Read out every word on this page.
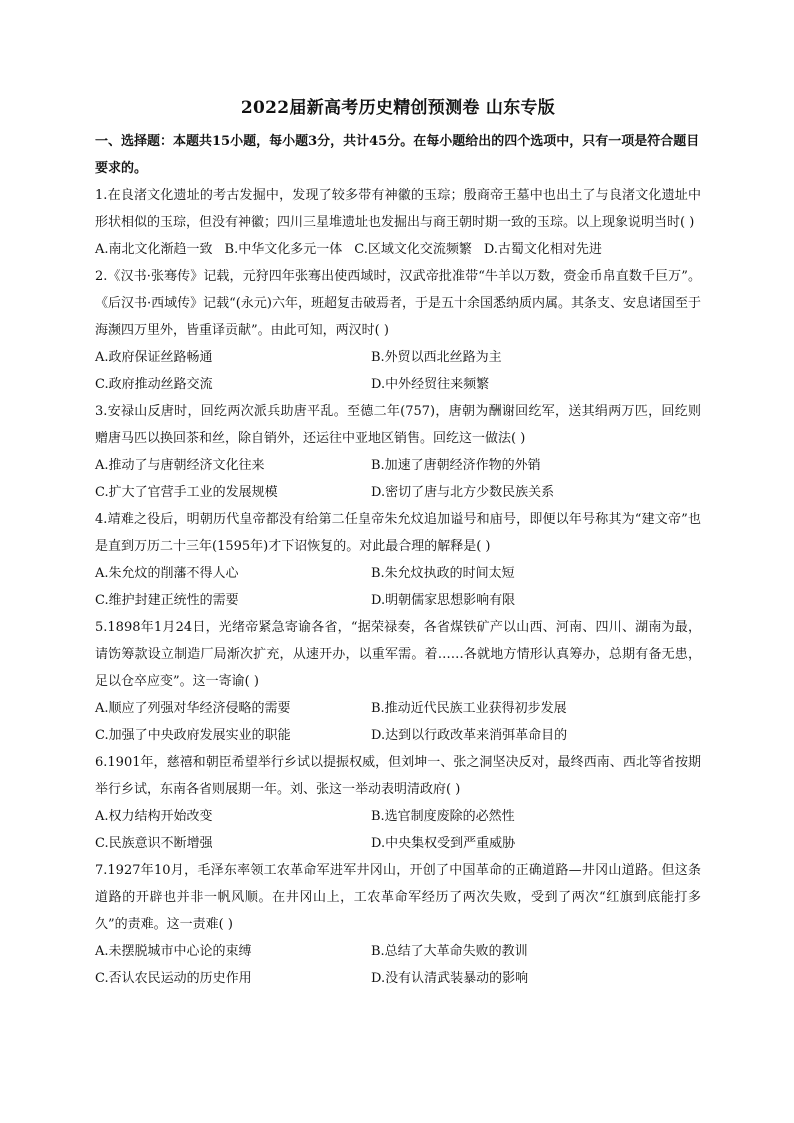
2022届新高考历史精创预测卷 山东专版
一、选择题：本题共15小题，每小题3分，共计45分。在每小题给出的四个选项中，只有一项是符合题目要求的。
1.在良渚文化遗址的考古发掘中，发现了较多带有神徽的玉琮；殷商帝王墓中也出土了与良渚文化遗址中形状相似的玉琮，但没有神徽；四川三星堆遗址也发掘出与商王朝时期一致的玉琮。以上现象说明当时( )
A.南北文化渐趋一致 B.中华文化多元一体 C.区域文化交流频繁 D.古蜀文化相对先进
2.《汉书·张骞传》记载，元狩四年张骞出使西域时，汉武帝批准带“牛羊以万数，赍金币帛直数千巨万”。《后汉书·西域传》记载“(永元)六年，班超复击破焉者，于是五十余国悉纳质内属。其条支、安息诸国至于海濒四万里外，皆重译贡献”。由此可知，两汉时( )
A.政府保证丝路畅通	B.外贸以西北丝路为主
C.政府推动丝路交流	D.中外经贸往来频繁
3.安禄山反唐时，回纥两次派兵助唐平乱。至德二年(757)，唐朝为酬谢回纥军，送其绢两万匹，回纥则赠唐马匹以换回茶和丝，除自销外，还运往中亚地区销售。回纥这一做法( )
A.推动了与唐朝经济文化往来	B.加速了唐朝经济作物的外销
C.扩大了官营手工业的发展规模	D.密切了唐与北方少数民族关系
4.靖难之役后，明朝历代皇帝都没有给第二任皇帝朱允炆追加谥号和庙号，即便以年号称其为“建文帝”也是直到万历二十三年(1595年)才下诏恢复的。对此最合理的解释是( )
A.朱允炆的削藩不得人心	B.朱允炆执政的时间太短
C.维护封建正统性的需要	D.明朝儒家思想影响有限
5.1898年1月24日，光绪帝紧急寄谕各省，“据荣禄奏，各省煤铁矿产以山西、河南、四川、湖南为最，请饬筹款设立制造厂局渐次扩充，从速开办，以重军需。着……各就地方情形认真筹办，总期有备无患，足以仓卒应变”。这一寄谕( )
A.顺应了列强对华经济侵略的需要	B.推动近代民族工业获得初步发展
C.加强了中央政府发展实业的职能	D.达到以行政改革来消弭革命目的
6.1901年，慈禧和朝臣希望举行乡试以提振权威，但刘坤一、张之洞坚决反对，最终西南、西北等省按期举行乡试，东南各省则展期一年。刘、张这一举动表明清政府( )
A.权力结构开始改变	B.选官制度废除的必然性
C.民族意识不断增强	D.中央集权受到严重威胁
7.1927年10月，毛泽东率领工农革命军进军井冈山，开创了中国革命的正确道路—井冈山道路。但这条道路的开辟也并非一帆风顺。在井冈山上，工农革命军经历了两次失败，受到了两次“红旗到底能打多久”的责难。这一责难( )
A.未摆脱城市中心论的束缚	B.总结了大革命失败的教训
C.否认农民运动的历史作用	D.没有认清武装暴动的影响
